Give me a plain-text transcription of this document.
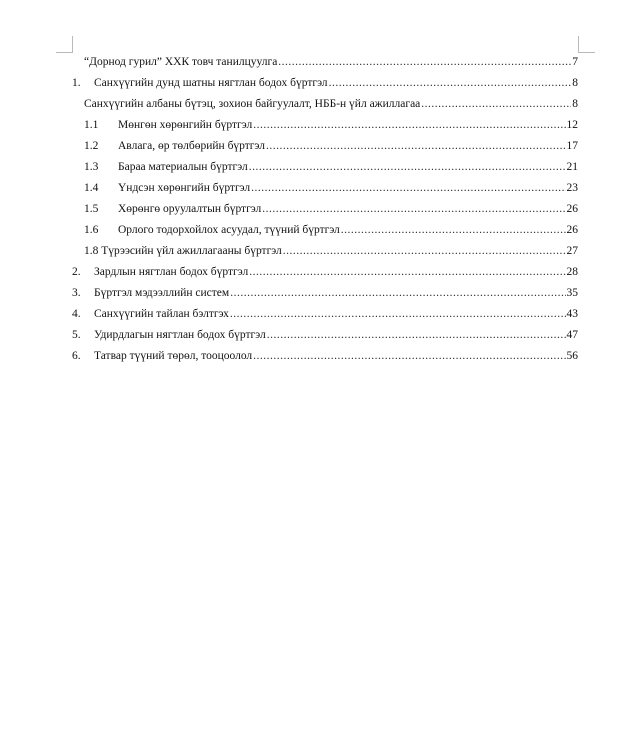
“Дорнод гурил” ХХК товч танилцуулга .....	7
1.	Санхүүгийн дунд шатны нягтлан бодох бүртгэл .....	8
Санхүүгийн албаны бүтэц, зохион байгуулалт, НББ-н үйл ажиллагаа .....	8
1.1	Мөнгөн хөрөнгийн бүртгэл .....	12
1.2	Авлага, өр төлбөрийн бүртгэл .....	17
1.3	Бараа материалын бүртгэл .....	21
1.4	Үндсэн хөрөнгийн бүртгэл .....	23
1.5	Хөрөнгө оруулалтын бүртгэл .....	26
1.6	Орлого тодорхойлох асуудал, түүний бүртгэл .....	26
1.8 Түрээсийн үйл ажиллагааны бүртгэл .....	27
2.	Зардлын нягтлан бодох бүртгэл .....	28
3.	Бүртгэл мэдээллийн систем .....	35
4.	Санхүүгийн тайлан бэлтгэх .....	43
5.	Удирдлагын нягтлан бодох бүртгэл .....	47
6.	Татвар түүний төрөл, тооцоолол .....	56
